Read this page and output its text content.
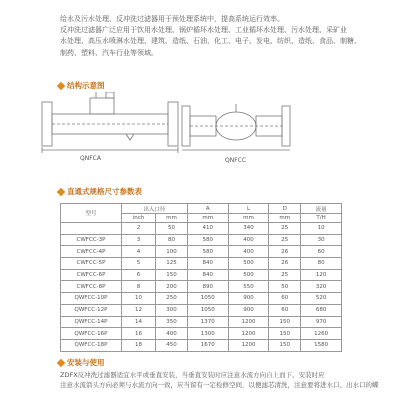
给水及污水处理、反冲洗过滤器用于预处理系统中，提高系统运行效率。

反冲洗过滤器广泛应用于饮用水处理、锅炉循环水处理、工业循环水处理、污水处理、采矿业

水处理、高压水喷淋水处理、建筑、造纸、石油、化工、电子、发电、纺织、造纸、食品、制糖、

制药、塑料、汽车行业等领域。

结构示意图
QNFCA	QNFCC
直通式规格尺寸参数表
型号	出入口径		A	L	D	流量
	inch	mm	mm	mm	mm	T/H
	2	50	410	340	25	10
CWFCC-3P	3	80	580	400	25	30
CWFCC-4P	4	100	580	400	26	60
CWFCC-5P	5	125	840	500	26	80
CWFCC-6P	6	150	840	500	25	120
CWFCC-8P	8	200	890	550	50	320
QWFCC-10P	10	250	1050	900	60	520
QWFCC-12P	12	300	1050	900	60	680
QWFCC-14P	14	350	1370	1200	150	970
QWFCC-16P	16	400	1300	1200	150	1260
QWFCC-18P	18	450	1670	1200	150	1580
安装与使用

ZDFX反冲洗过滤器适宜水平或垂直安装，当垂直安装时应注意水流方向自上而下，安装时应

注意水流箭头方向必须与水流方向一致，应当留有一定检修空间，以便滤芯清洗，注意要将进水口、出水口的蝶
